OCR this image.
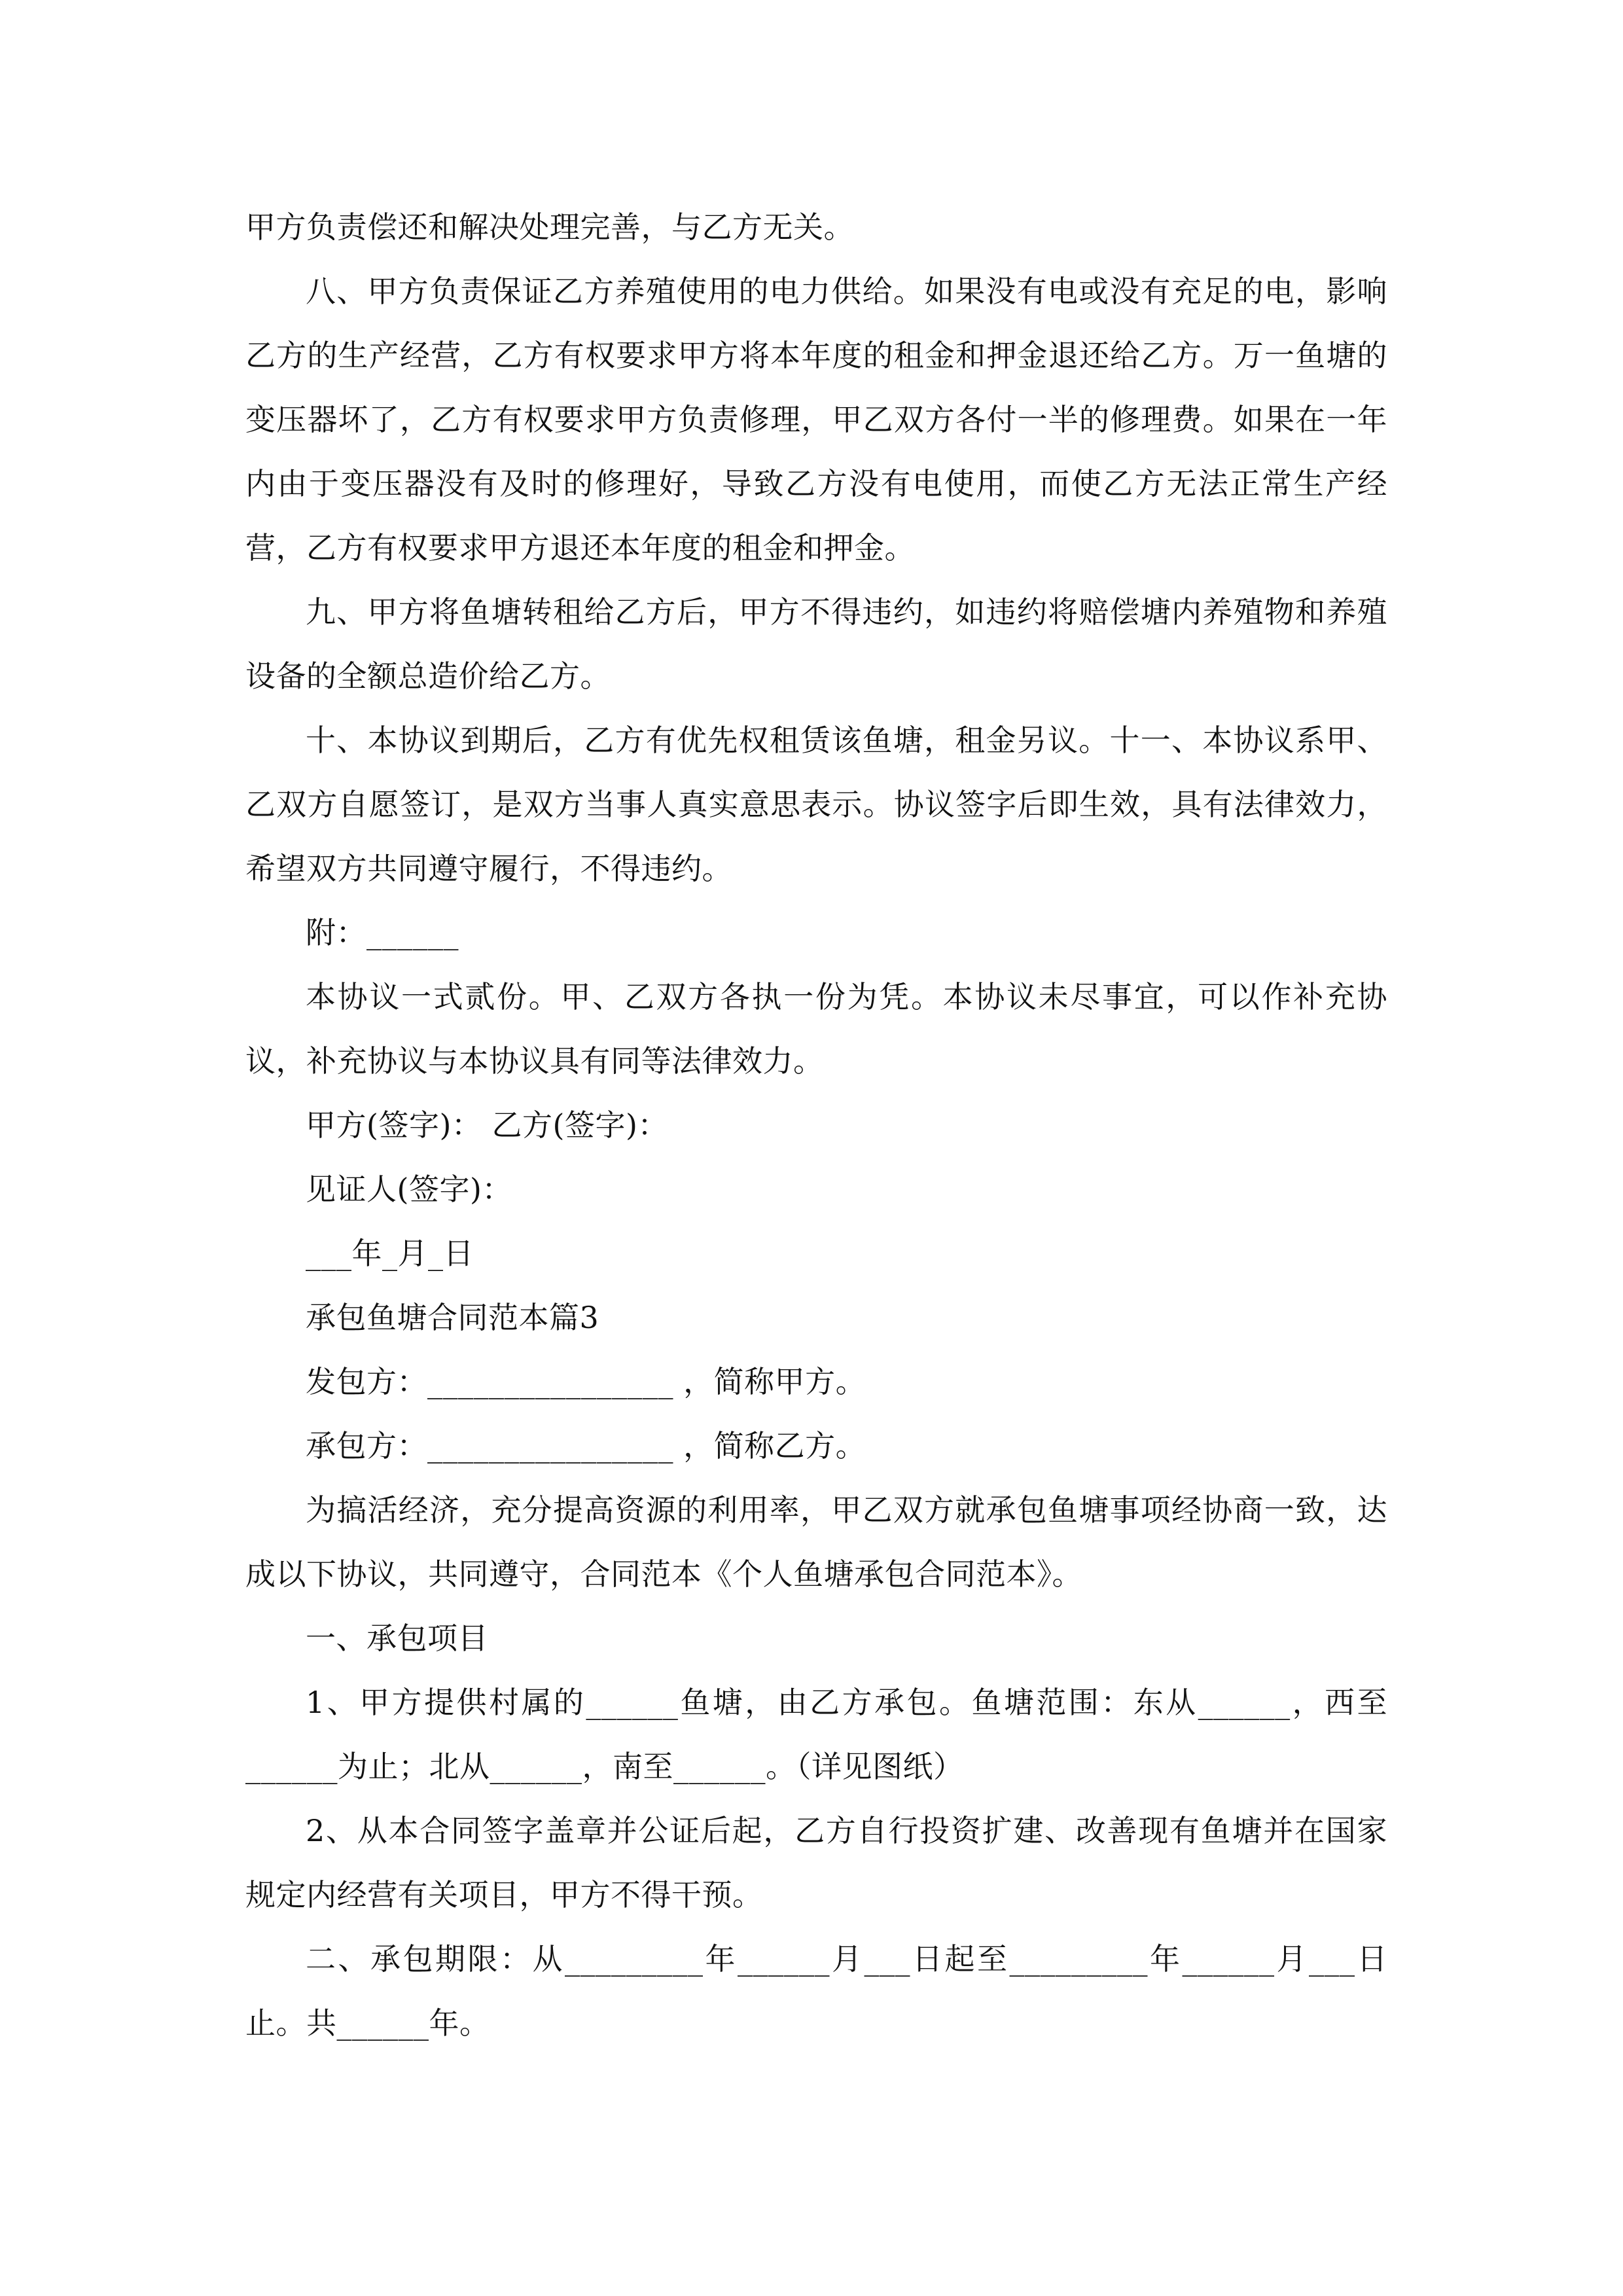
甲方负责偿还和解决处理完善，与乙方无关。

八、甲方负责保证乙方养殖使用的电力供给。如果没有电或没有充足的电，影响乙方的生产经营，乙方有权要求甲方将本年度的租金和押金退还给乙方。万一鱼塘的变压器坏了，乙方有权要求甲方负责修理，甲乙双方各付一半的修理费。如果在一年内由于变压器没有及时的修理好，导致乙方没有电使用，而使乙方无法正常生产经营，乙方有权要求甲方退还本年度的租金和押金。

九、甲方将鱼塘转租给乙方后，甲方不得违约，如违约将赔偿塘内养殖物和养殖设备的全额总造价给乙方。

十、本协议到期后，乙方有优先权租赁该鱼塘，租金另议。十一、本协议系甲、乙双方自愿签订，是双方当事人真实意思表示。协议签字后即生效，具有法律效力，希望双方共同遵守履行，不得违约。

附：______

本协议一式贰份。甲、乙双方各执一份为凭。本协议未尽事宜，可以作补充协议，补充协议与本协议具有同等法律效力。

甲方(签字)： 乙方(签字)：

见证人(签字)：

___年_月_日

承包鱼塘合同范本篇3

发包方：________________ ，简称甲方。

承包方：________________ ，简称乙方。

为搞活经济，充分提高资源的利用率，甲乙双方就承包鱼塘事项经协商一致，达成以下协议，共同遵守，合同范本《个人鱼塘承包合同范本》。

一、承包项目

1、甲方提供村属的______鱼塘，由乙方承包。鱼塘范围：东从______，西至______为止；北从______，南至______。（详见图纸）

2、从本合同签字盖章并公证后起，乙方自行投资扩建、改善现有鱼塘并在国家规定内经营有关项目，甲方不得干预。

二、承包期限：从_________年______月___日起至_________年______月___日止。共______年。
